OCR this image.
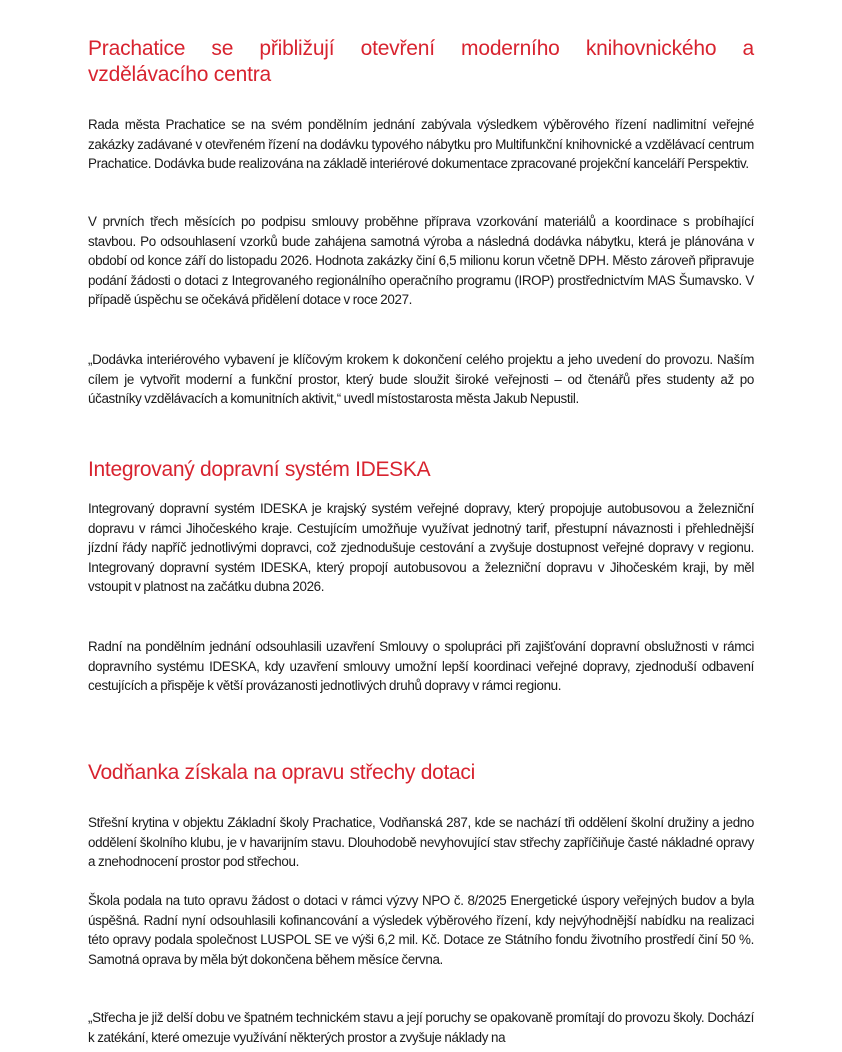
Prachatice se přibližují otevření moderního knihovnického a vzdělávacího centra

Rada města Prachatice se na svém pondělním jednání zabývala výsledkem výběrového řízení nadlimitní veřejné zakázky zadávané v otevřeném řízení na dodávku typového nábytku pro Multifunkční knihovnické a vzdělávací centrum Prachatice. Dodávka bude realizována na základě interiérové dokumentace zpracované projekční kanceláří Perspektiv.

V prvních třech měsících po podpisu smlouvy proběhne příprava vzorkování materiálů a koordinace s probíhající stavbou. Po odsouhlasení vzorků bude zahájena samotná výroba a následná dodávka nábytku, která je plánována v období od konce září do listopadu 2026. Hodnota zakázky činí 6,5 milionu korun včetně DPH. Město zároveň připravuje podání žádosti o dotaci z Integrovaného regionálního operačního programu (IROP) prostřednictvím MAS Šumavsko. V případě úspěchu se očekává přidělení dotace v roce 2027.

„Dodávka interiérového vybavení je klíčovým krokem k dokončení celého projektu a jeho uvedení do provozu. Naším cílem je vytvořit moderní a funkční prostor, který bude sloužit široké veřejnosti – od čtenářů přes studenty až po účastníky vzdělávacích a komunitních aktivit,“ uvedl místostarosta města Jakub Nepustil.

Integrovaný dopravní systém IDESKA

Integrovaný dopravní systém IDESKA je krajský systém veřejné dopravy, který propojuje autobusovou a železniční dopravu v rámci Jihočeského kraje. Cestujícím umožňuje využívat jednotný tarif, přestupní návaznosti i přehlednější jízdní řády napříč jednotlivými dopravci, což zjednodušuje cestování a zvyšuje dostupnost veřejné dopravy v regionu. Integrovaný dopravní systém IDESKA, který propojí autobusovou a železniční dopravu v Jihočeském kraji, by měl vstoupit v platnost na začátku dubna 2026.

Radní na pondělním jednání odsouhlasili uzavření Smlouvy o spolupráci při zajišťování dopravní obslužnosti v rámci dopravního systému IDESKA, kdy uzavření smlouvy umožní lepší koordinaci veřejné dopravy, zjednoduší odbavení cestujících a přispěje k větší provázanosti jednotlivých druhů dopravy v rámci regionu.

Vodňanka získala na opravu střechy dotaci

Střešní krytina v objektu Základní školy Prachatice, Vodňanská 287, kde se nachází tři oddělení školní družiny a jedno oddělení školního klubu, je v havarijním stavu. Dlouhodobě nevyhovující stav střechy zapříčiňuje časté nákladné opravy a znehodnocení prostor pod střechou.

Škola podala na tuto opravu žádost o dotaci v rámci výzvy NPO č. 8/2025 Energetické úspory veřejných budov a byla úspěšná. Radní nyní odsouhlasili kofinancování a výsledek výběrového řízení, kdy nejvýhodnější nabídku na realizaci této opravy podala společnost LUSPOL SE ve výši 6,2 mil. Kč. Dotace ze Státního fondu životního prostředí činí 50 %. Samotná oprava by měla být dokončena během měsíce června.

„Střecha je již delší dobu ve špatném technickém stavu a její poruchy se opakovaně promítají do provozu školy. Dochází k zatékání, které omezuje využívání některých prostor a zvyšuje náklady na
